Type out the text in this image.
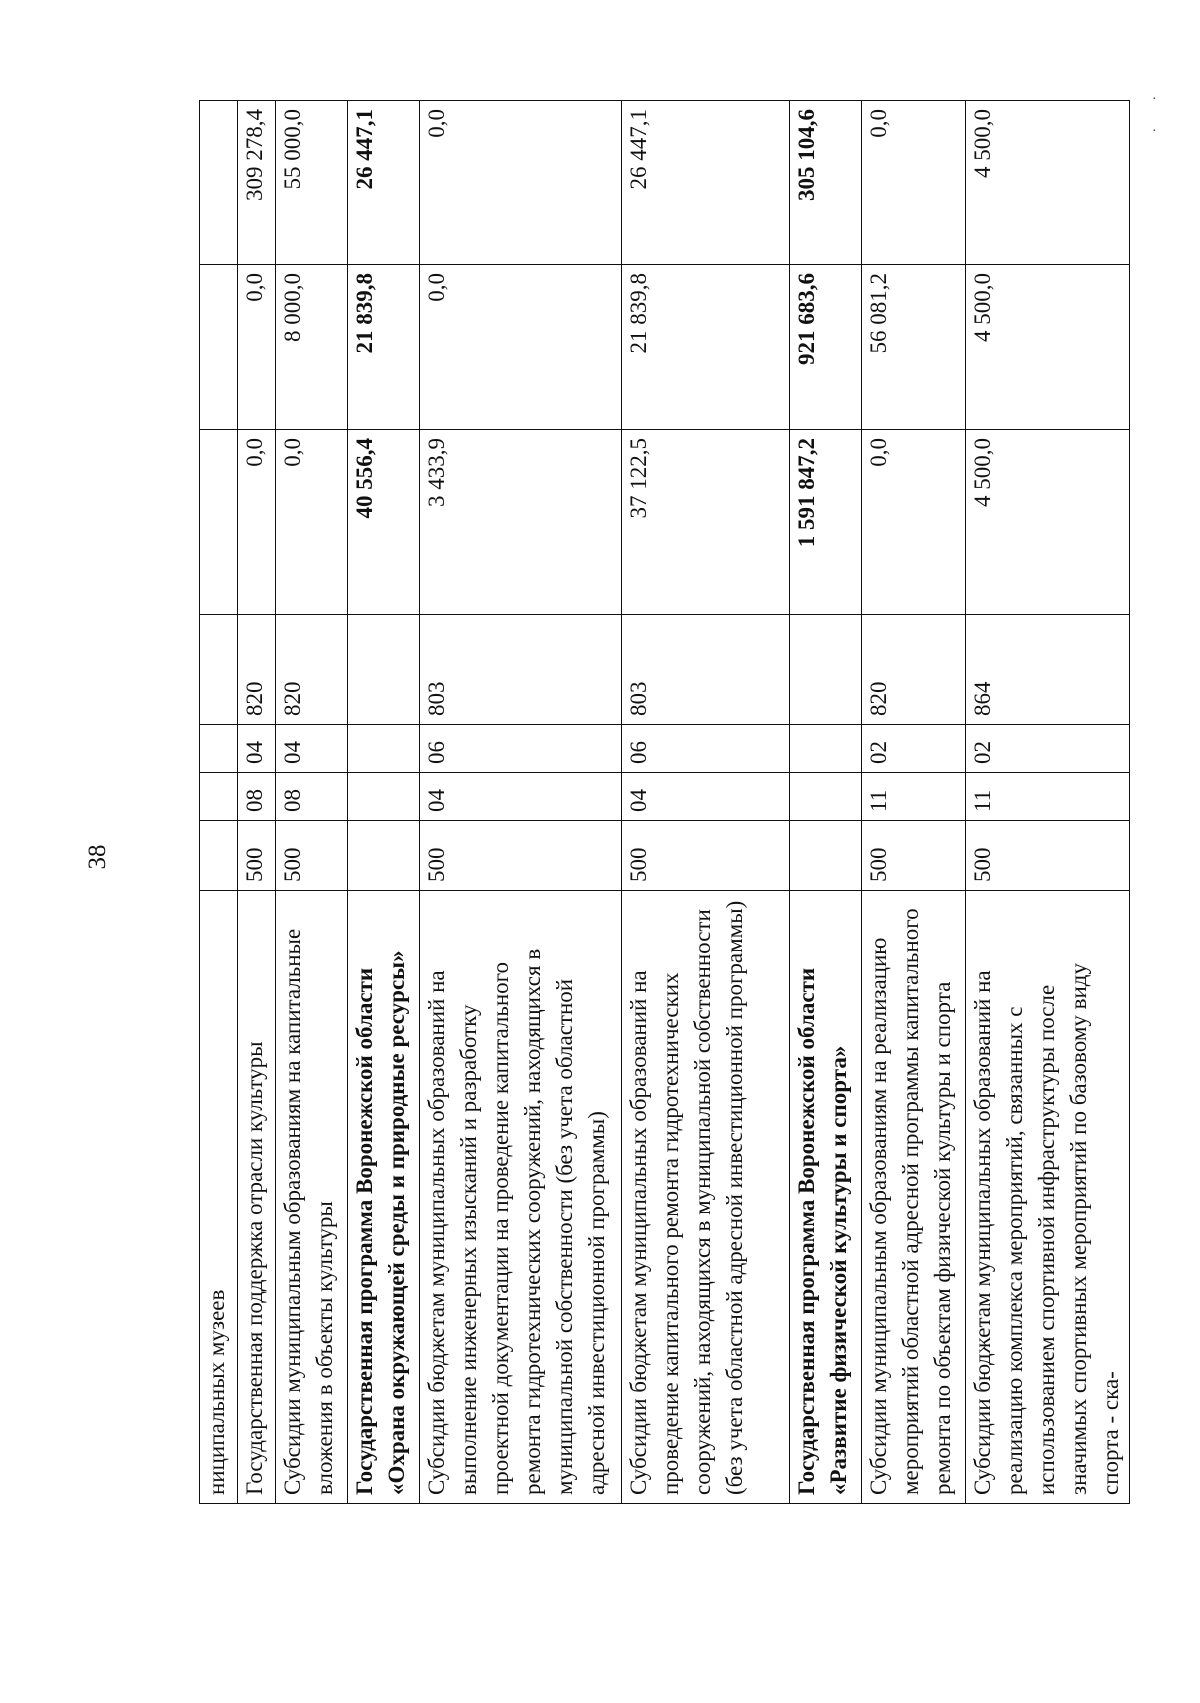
38
·

·
ниципальных музеев							
Государственная поддержка отрасли культуры	500	08	04	820	0,0	0,0	309 278,4
Субсидии муниципальным образованиям на капитальные вложения в объекты культуры	500	08	04	820	0,0	8 000,0	55 000,0
Государственная программа Воронежской области «Охрана окружающей среды и природные ресурсы»					40 556,4	21 839,8	26 447,1
Субсидии бюджетам муниципальных образований на выполнение инженерных изысканий и разработку проектной документации на проведение капитального ремонта гидротехнических сооружений, находящихся в муниципальной собственности (без учета областной адресной инвестиционной программы)	500	04	06	803	3 433,9	0,0	0,0
Субсидии бюджетам муниципальных образований на проведение капитального ремонта гидротехнических сооружений, находящихся в муниципальной собственности (без учета областной адресной инвестиционной программы)	500	04	06	803	37 122,5	21 839,8	26 447,1
Государственная программа Воронежской области «Развитие физической культуры и спорта»					1 591 847,2	921 683,6	305 104,6
Субсидии муниципальным образованиям на реализацию мероприятий областной адресной программы капитального ремонта по объектам физической культуры и спорта	500	11	02	820	0,0	56 081,2	0,0
Субсидии бюджетам муниципальных образований на реализацию комплекса мероприятий, связанных с использованием спортивной инфраструктуры после значимых спортивных мероприятий по базовому виду спорта - ска-	500	11	02	864	4 500,0	4 500,0	4 500,0
